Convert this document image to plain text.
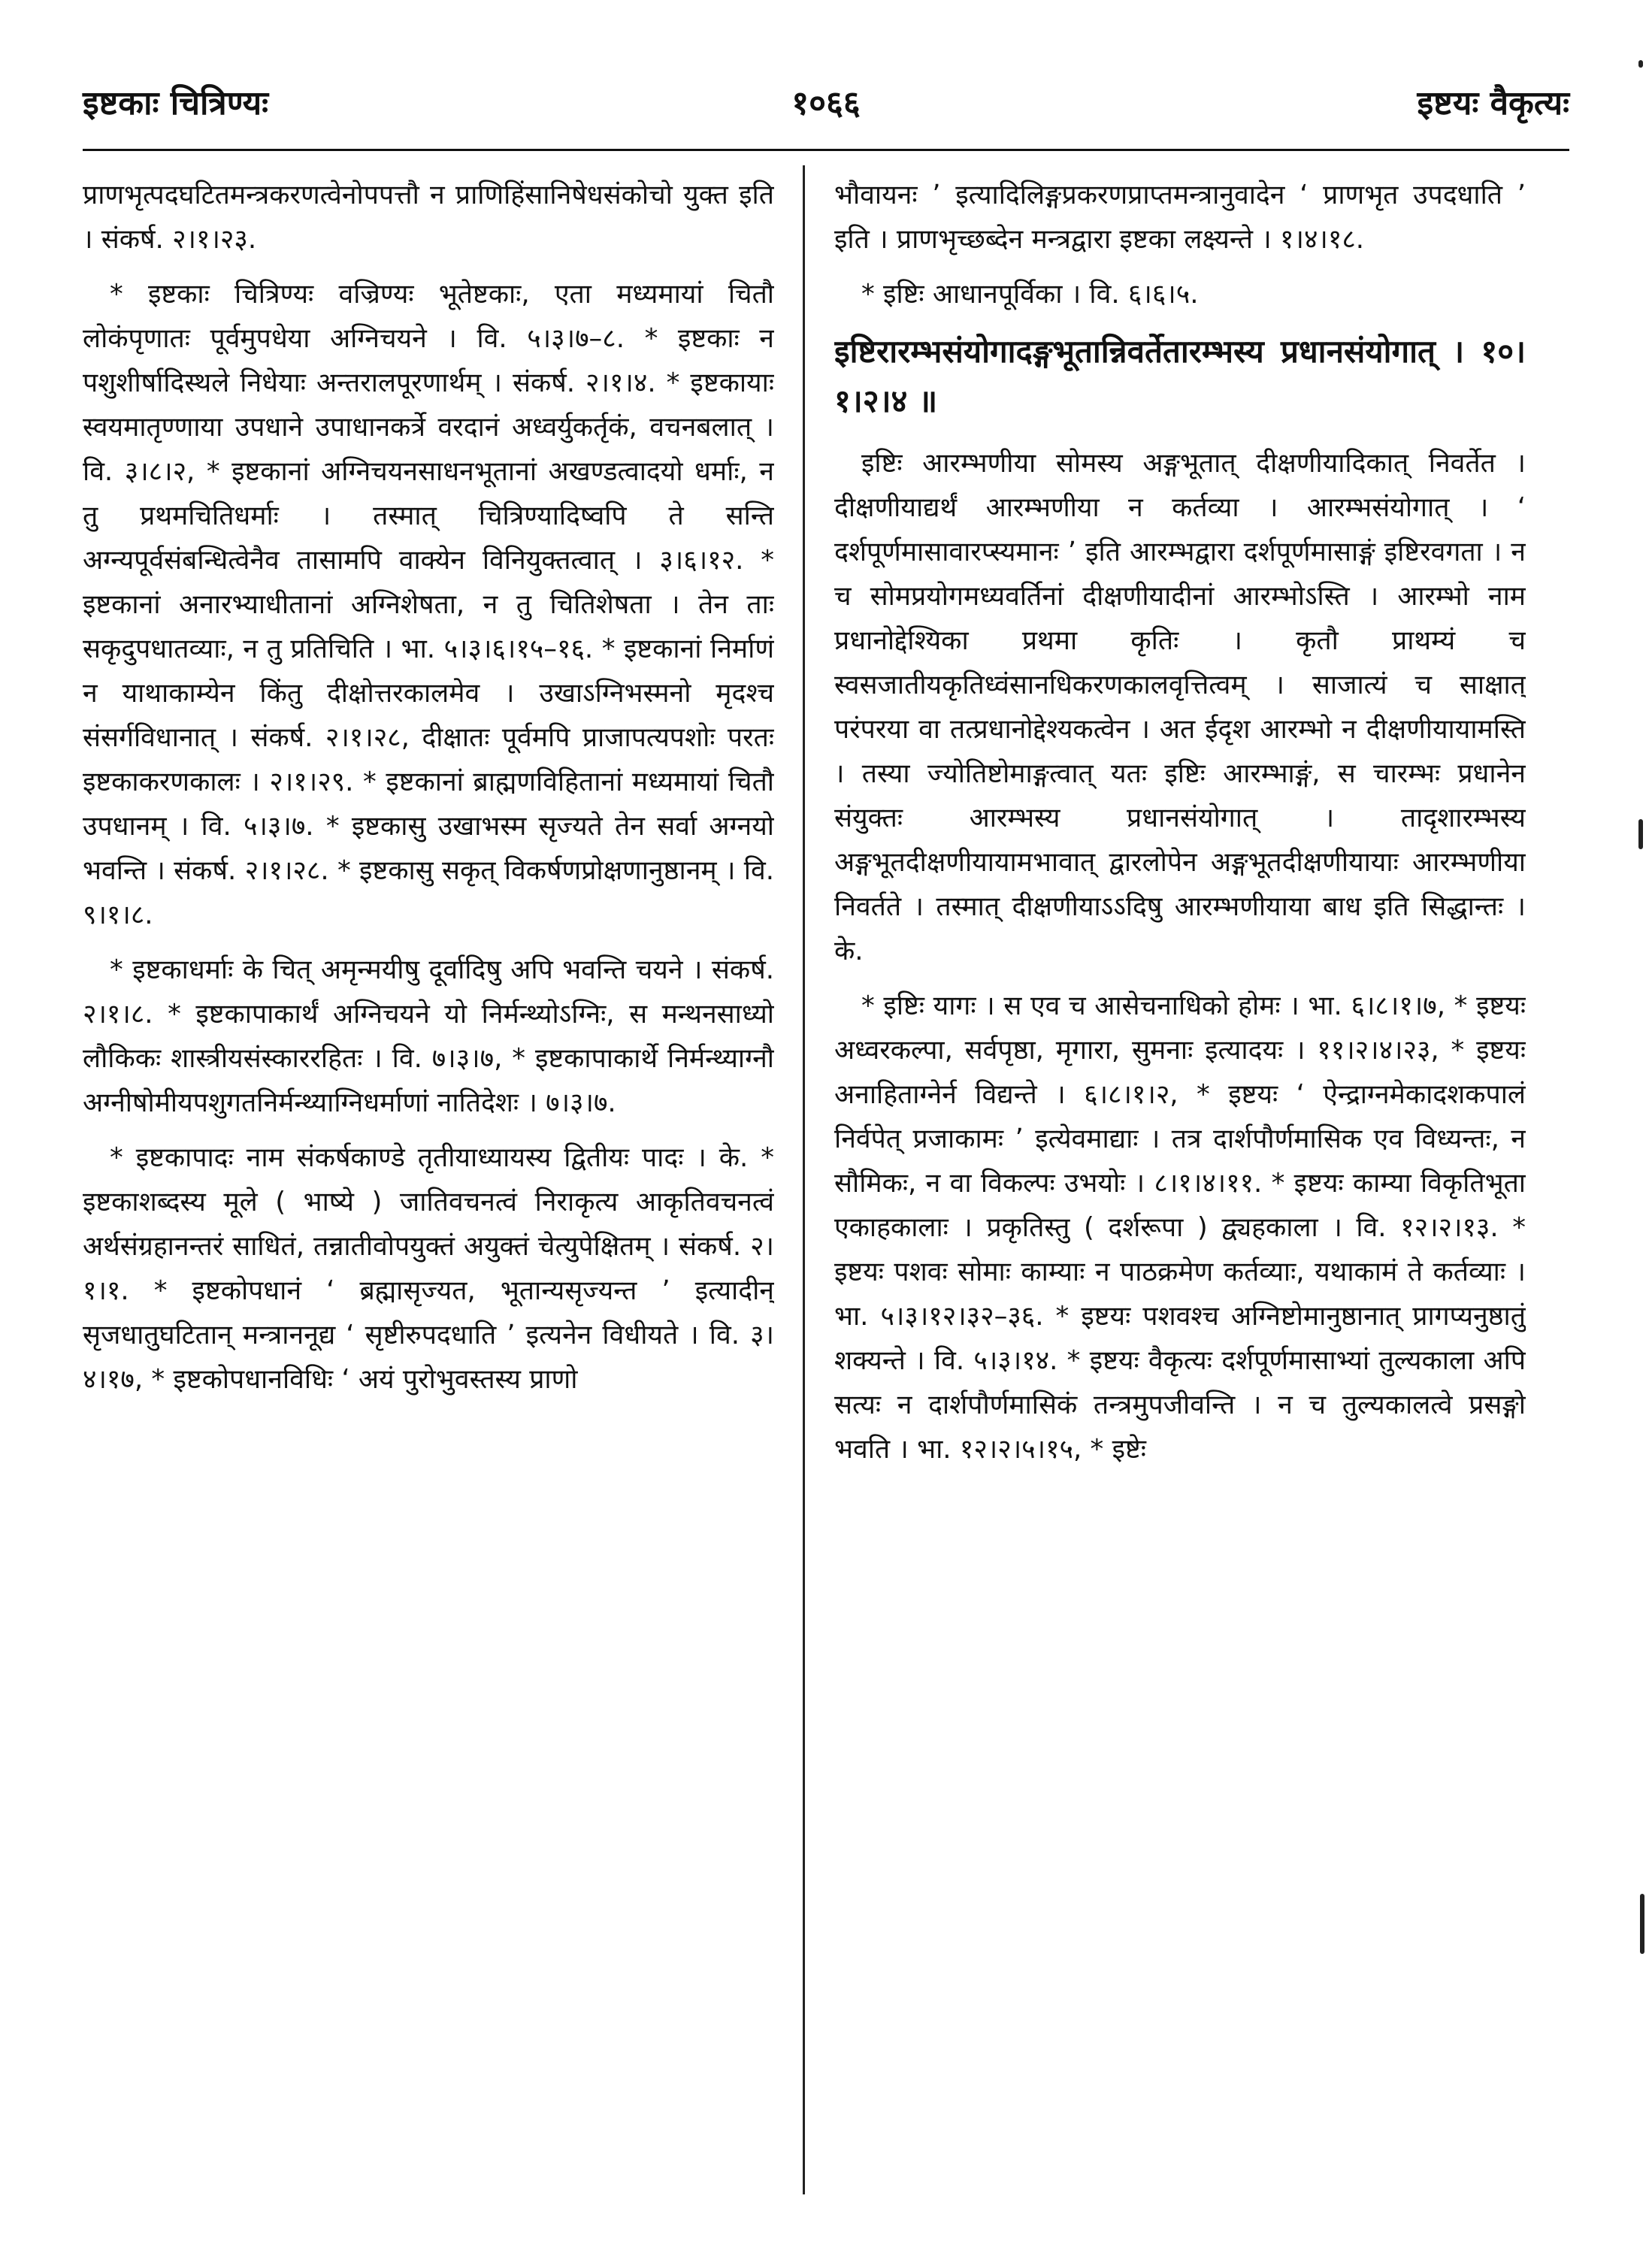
१०६६
इष्टकाः चित्रिण्यः	इष्टयः वैकृत्यः

प्राणभृत्पदघटितमन्त्रकरणत्वेनोपपत्तौ न प्राणिहिंसानिषेधसंकोचो युक्त इति । संकर्ष. २।१।२३.

* इष्टकाः चित्रिण्यः वज्रिण्यः भूतेष्टकाः, एता मध्यमायां चितौ लोकंपृणातः पूर्वमुपधेया अग्निचयने । वि. ५।३।७–८. * इष्टकाः न पशुशीर्षादिस्थले निधेयाः अन्तरालपूरणार्थम् । संकर्ष. २।१।४. * इष्टकायाः स्वयमातृण्णाया उपधाने उपाधानकर्त्रे वरदानं अध्वर्युकर्तृकं, वचनबलात् । वि. ३।८।२, * इष्टकानां अग्निचयनसाधनभूतानां अखण्डत्वादयो धर्माः, न तु प्रथमचितिधर्माः । तस्मात् चित्रिण्यादिष्वपि ते सन्ति अग्न्यपूर्वसंबन्धित्वेनैव तासामपि वाक्येन विनियुक्तत्वात् । ३।६।१२. * इष्टकानां अनारभ्याधीतानां अग्निशेषता, न तु चितिशेषता । तेन ताः सकृदुपधातव्याः, न तु प्रतिचिति । भा. ५।३।६।१५–१६. * इष्टकानां निर्माणं न याथाकाम्येन किंतु दीक्षोत्तरकालमेव । उखाऽग्निभस्मनो मृदश्च संसर्गविधानात् । संकर्ष. २।१।२८, दीक्षातः पूर्वमपि प्राजापत्यपशोः परतः इष्टकाकरणकालः । २।१।२९. * इष्टकानां ब्राह्मणविहितानां मध्यमायां चितौ उपधानम् । वि. ५।३।७. * इष्टकासु उखाभस्म सृज्यते तेन सर्वा अग्नयो भवन्ति । संकर्ष. २।१।२८. * इष्टकासु सकृत् विकर्षणप्रोक्षणानुष्ठानम् । वि. ९।१।८.

* इष्टकाधर्माः के चित् अमृन्मयीषु दूर्वादिषु अपि भवन्ति चयने । संकर्ष. २।१।८. * इष्टकापाकार्थं अग्निचयने यो निर्मन्थ्योऽग्निः, स मन्थनसाध्यो लौकिकः शास्त्रीयसंस्काररहितः । वि. ७।३।७, * इष्टकापाकार्थे निर्मन्थ्याग्नौ अग्नीषोमीयपशुगतनिर्मन्थ्याग्निधर्माणां नातिदेशः । ७।३।७.

* इष्टकापादः नाम संकर्षकाण्डे तृतीयाध्यायस्य द्वितीयः पादः । के. * इष्टकाशब्दस्य मूले ( भाष्ये ) जातिवचनत्वं निराकृत्य आकृतिवचनत्वं अर्थसंग्रहानन्तरं साधितं, तन्नातीवोपयुक्तं अयुक्तं चेत्युपेक्षितम् । संकर्ष. २।१।१. * इष्टकोपधानं ‘ ब्रह्मासृज्यत, भूतान्यसृज्यन्त ’ इत्यादीन् सृजधातुघटितान् मन्त्राननूद्य ‘ सृष्टीरुपदधाति ’ इत्यनेन विधीयते । वि. ३।४।१७, * इष्टकोपधानविधिः ‘ अयं पुरोभुवस्तस्य प्राणो

भौवायनः ’ इत्यादिलिङ्गप्रकरणप्राप्तमन्त्रानुवादेन ‘ प्राणभृत उपदधाति ’ इति । प्राणभृच्छब्देन मन्त्रद्वारा इष्टका लक्ष्यन्ते । १।४।१८.

* इष्टिः आधानपूर्विका । वि. ६।६।५.

इष्टिरारम्भसंयोगादङ्गभूतान्निवर्तेतारम्भस्य प्रधानसंयोगात् । १०।१।२।४ ॥

इष्टिः आरम्भणीया सोमस्य अङ्गभूतात् दीक्षणीयादिकात् निवर्तेत । दीक्षणीयाद्यर्थं आरम्भणीया न कर्तव्या । आरम्भसंयोगात् । ‘ दर्शपूर्णमासावारप्स्यमानः ’ इति आरम्भद्वारा दर्शपूर्णमासाङ्गं इष्टिरवगता । न च सोमप्रयोगमध्यवर्तिनां दीक्षणीयादीनां आरम्भोऽस्ति । आरम्भो नाम प्रधानोद्देश्यिका प्रथमा कृतिः । कृतौ प्राथम्यं च स्वसजातीयकृतिध्वंसानधिकरणकालवृत्तित्वम् । साजात्यं च साक्षात् परंपरया वा तत्प्रधानोद्देश्यकत्वेन । अत ईदृश आरम्भो न दीक्षणीयायामस्ति । तस्या ज्योतिष्टोमाङ्गत्वात् यतः इष्टिः आरम्भाङ्गं, स चारम्भः प्रधानेन संयुक्तः आरम्भस्य प्रधानसंयोगात् । तादृशारम्भस्य अङ्गभूतदीक्षणीयायामभावात् द्वारलोपेन अङ्गभूतदीक्षणीयायाः आरम्भणीया निवर्तते । तस्मात् दीक्षणीयाऽऽदिषु आरम्भणीयाया बाध इति सिद्धान्तः । के.

* इष्टिः यागः । स एव च आसेचनाधिको होमः । भा. ६।८।१।७, * इष्टयः अध्वरकल्पा, सर्वपृष्ठा, मृगारा, सुमनाः इत्यादयः । ११।२।४।२३, * इष्टयः अनाहिताग्नेर्न विद्यन्ते । ६।८।१।२, * इष्टयः ‘ ऐन्द्राग्नमेकादशकपालं निर्वपेत् प्रजाकामः ’ इत्येवमाद्याः । तत्र दार्शपौर्णमासिक एव विध्यन्तः, न सौमिकः, न वा विकल्पः उभयोः । ८।१।४।११. * इष्टयः काम्या विकृतिभूता एकाहकालाः । प्रकृतिस्तु ( दर्शरूपा ) द्व्यहकाला । वि. १२।२।१३. * इष्टयः पशवः सोमाः काम्याः न पाठक्रमेण कर्तव्याः, यथाकामं ते कर्तव्याः । भा. ५।३।१२।३२–३६. * इष्टयः पशवश्च अग्निष्टोमानुष्ठानात् प्रागप्यनुष्ठातुं शक्यन्ते । वि. ५।३।१४. * इष्टयः वैकृत्यः दर्शपूर्णमासाभ्यां तुल्यकाला अपि सत्यः न दार्शपौर्णमासिकं तन्त्रमुपजीवन्ति । न च तुल्यकालत्वे प्रसङ्गो भवति । भा. १२।२।५।१५, * इष्टेः
